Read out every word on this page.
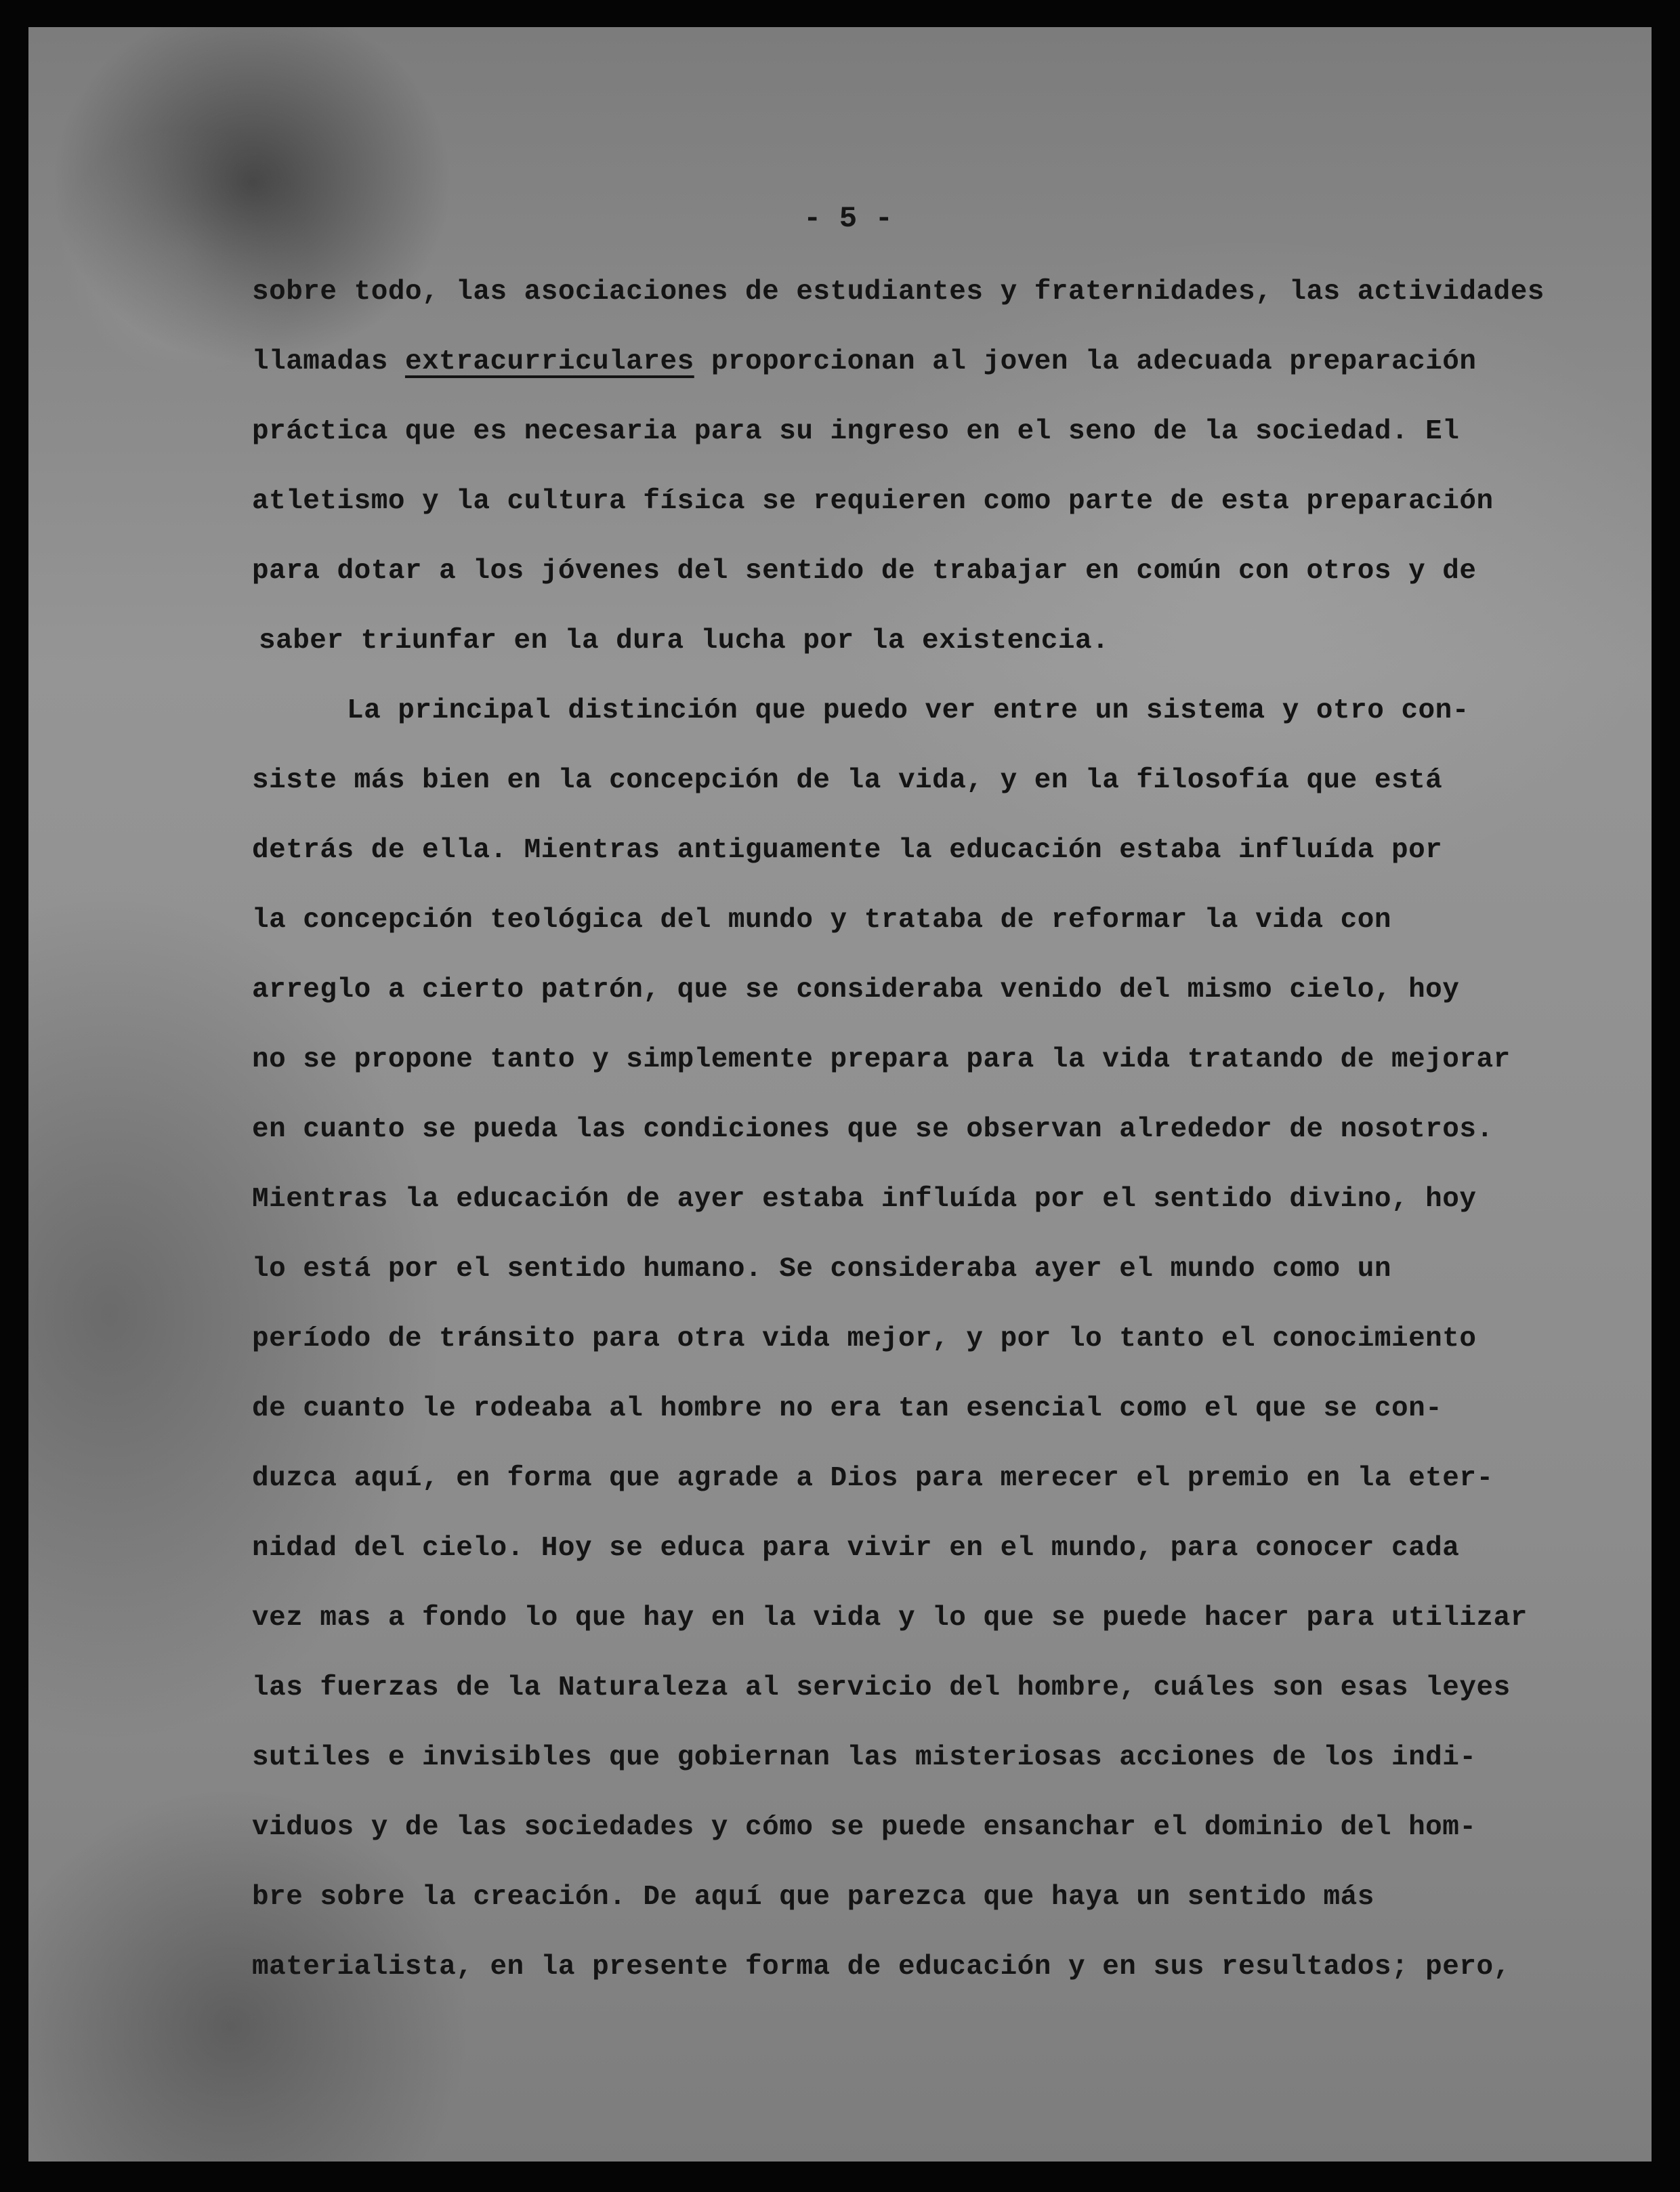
- 5 -
sobre todo, las asociaciones de estudiantes y fraternidades, las actividades
llamadas extracurriculares proporcionan al joven la adecuada preparación
práctica que es necesaria para su ingreso en el seno de la sociedad. El
atletismo y la cultura física se requieren como parte de esta preparación
para dotar a los jóvenes del sentido de trabajar en común con otros y de
saber triunfar en la dura lucha por la existencia.
La principal distinción que puedo ver entre un sistema y otro con-
siste más bien en la concepción de la vida, y en la filosofía que está
detrás de ella. Mientras antiguamente la educación estaba influída por
la concepción teológica del mundo y trataba de reformar la vida con
arreglo a cierto patrón, que se consideraba venido del mismo cielo, hoy
no se propone tanto y simplemente prepara para la vida tratando de mejorar
en cuanto se pueda las condiciones que se observan alrededor de nosotros.
Mientras la educación de ayer estaba influída por el sentido divino, hoy
lo está por el sentido humano. Se consideraba ayer el mundo como un
período de tránsito para otra vida mejor, y por lo tanto el conocimiento
de cuanto le rodeaba al hombre no era tan esencial como el que se con-
duzca aquí, en forma que agrade a Dios para merecer el premio en la eter-
nidad del cielo. Hoy se educa para vivir en el mundo, para conocer cada
vez mas a fondo lo que hay en la vida y lo que se puede hacer para utilizar
las fuerzas de la Naturaleza al servicio del hombre, cuáles son esas leyes
sutiles e invisibles que gobiernan las misteriosas acciones de los indi-
viduos y de las sociedades y cómo se puede ensanchar el dominio del hom-
bre sobre la creación. De aquí que parezca que haya un sentido más
materialista, en la presente forma de educación y en sus resultados; pero,
